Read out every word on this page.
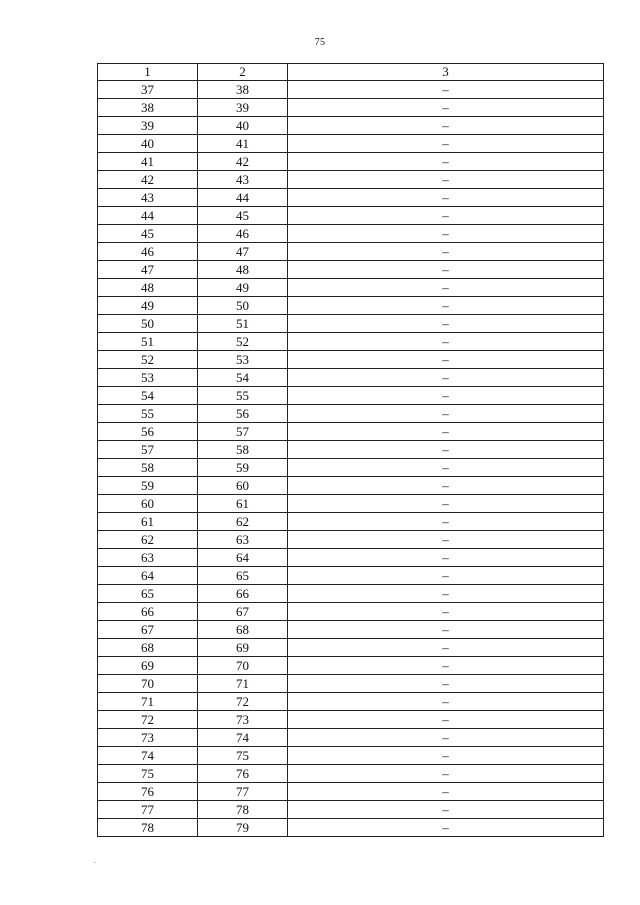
75
1	2	3
37	38	–
38	39	–
39	40	–
40	41	–
41	42	–
42	43	–
43	44	–
44	45	–
45	46	–
46	47	–
47	48	–
48	49	–
49	50	–
50	51	–
51	52	–
52	53	–
53	54	–
54	55	–
55	56	–
56	57	–
57	58	–
58	59	–
59	60	–
60	61	–
61	62	–
62	63	–
63	64	–
64	65	–
65	66	–
66	67	–
67	68	–
68	69	–
69	70	–
70	71	–
71	72	–
72	73	–
73	74	–
74	75	–
75	76	–
76	77	–
77	78	–
78	79	–
